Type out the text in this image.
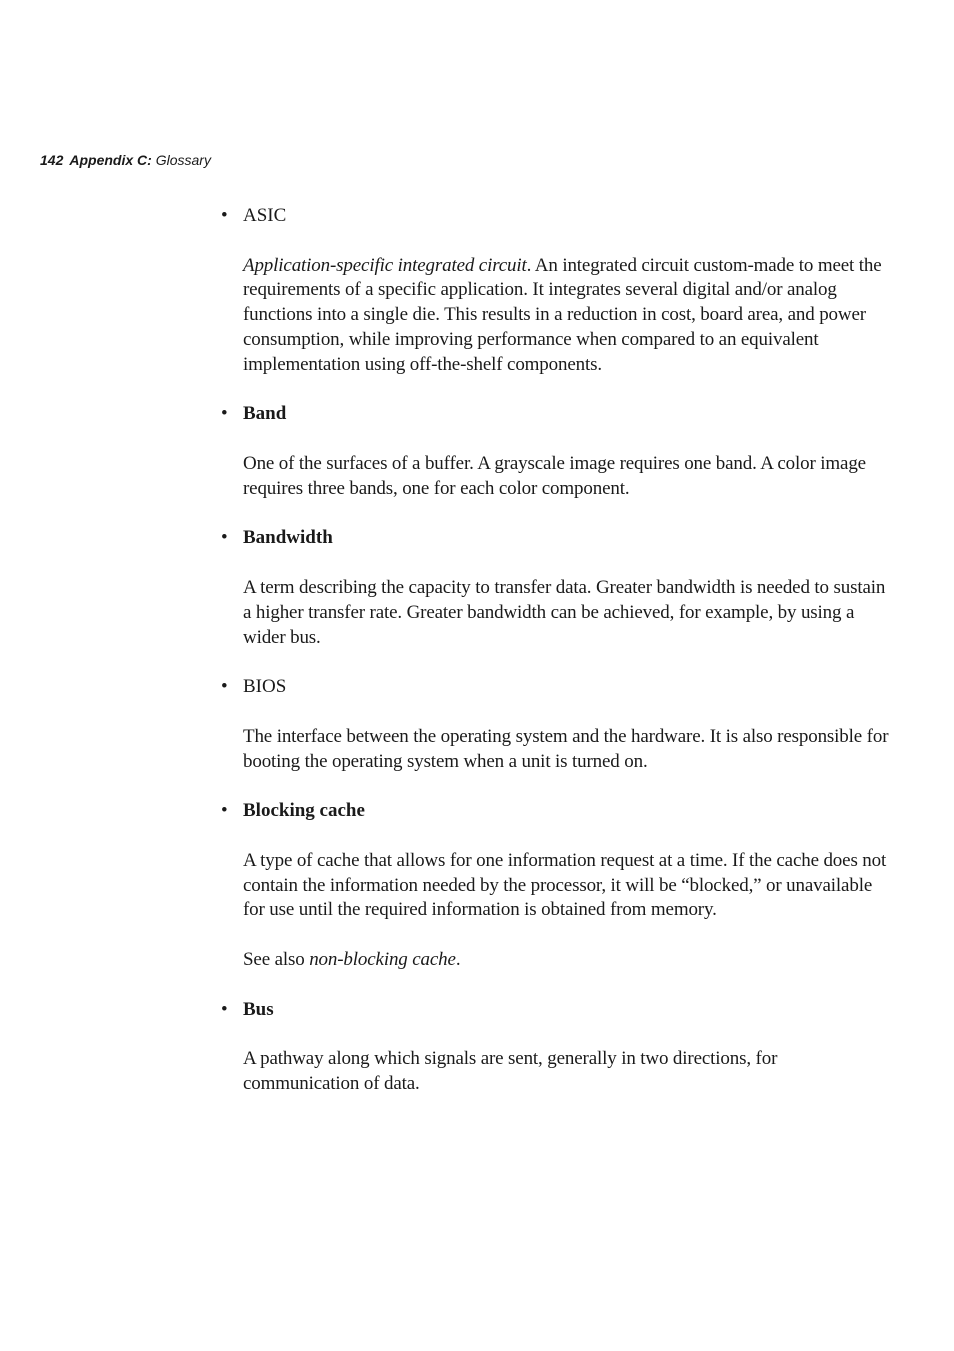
142 Appendix C: Glossary

• ASIC

Application-specific integrated circuit. An integrated circuit custom-made to meet the requirements of a specific application. It integrates several digital and/or analog functions into a single die. This results in a reduction in cost, board area, and power consumption, while improving performance when compared to an equivalent implementation using off-the-shelf components.

• Band

One of the surfaces of a buffer. A grayscale image requires one band. A color image requires three bands, one for each color component.

• Bandwidth

A term describing the capacity to transfer data. Greater bandwidth is needed to sustain a higher transfer rate. Greater bandwidth can be achieved, for example, by using a wider bus.

• BIOS

The interface between the operating system and the hardware. It is also responsible for booting the operating system when a unit is turned on.

• Blocking cache

A type of cache that allows for one information request at a time. If the cache does not contain the information needed by the processor, it will be “blocked,” or unavailable for use until the required information is obtained from memory.

See also non-blocking cache.

• Bus

A pathway along which signals are sent, generally in two directions, for communication of data.
